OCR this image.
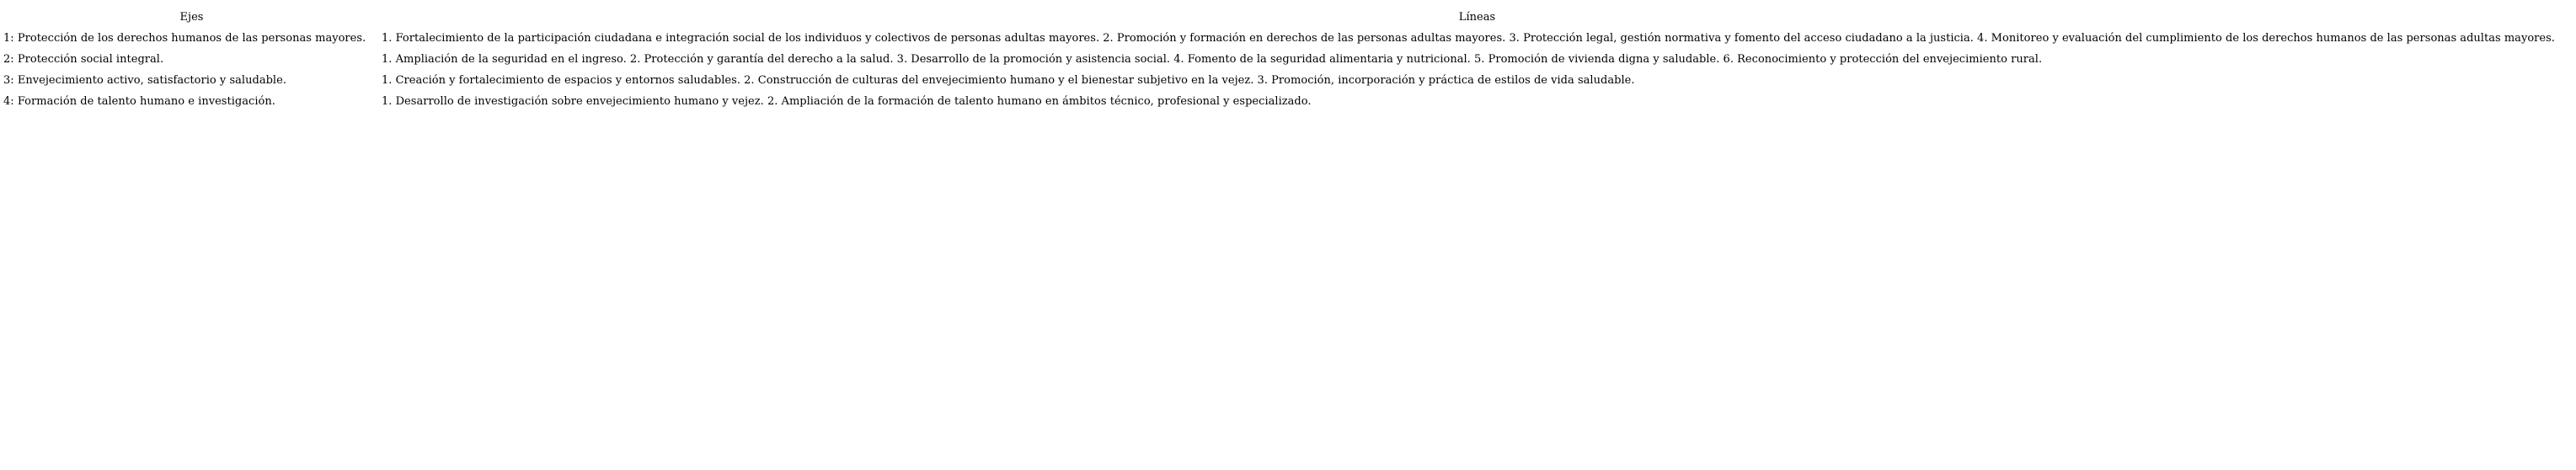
Ejes	Líneas
1: Protección de los derechos humanos de las personas mayores.	1. Fortalecimiento de la participación ciudadana e integración social de los individuos y colectivos de personas adultas mayores. 2. Promoción y formación en derechos de las personas adultas mayores. 3. Protección legal, gestión normativa y fomento del acceso ciudadano a la justicia. 4. Monitoreo y evaluación del cumplimiento de los derechos humanos de las personas adultas mayores.
2: Protección social integral.	1. Ampliación de la seguridad en el ingreso. 2. Protección y garantía del derecho a la salud. 3. Desarrollo de la promoción y asistencia social. 4. Fomento de la seguridad alimentaria y nutricional. 5. Promoción de vivienda digna y saludable. 6. Reconocimiento y protección del envejecimiento rural.
3: Envejecimiento activo, satisfactorio y saludable.	1. Creación y fortalecimiento de espacios y entornos saludables. 2. Construcción de culturas del envejecimiento humano y el bienestar subjetivo en la vejez. 3. Promoción, incorporación y práctica de estilos de vida saludable.
4: Formación de talento humano e investigación.	1. Desarrollo de investigación sobre envejecimiento humano y vejez. 2. Ampliación de la formación de talento humano en ámbitos técnico, profesional y especializado.
